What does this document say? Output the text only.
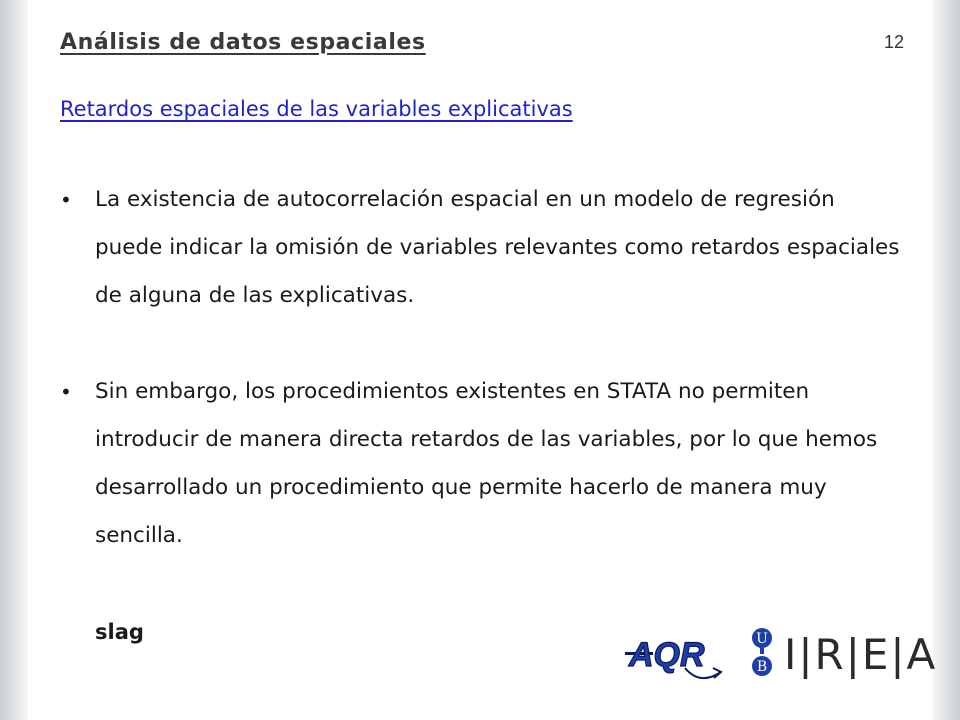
Análisis de datos espaciales	12
Retardos espaciales de las variables explicativas
• La existencia de autocorrelación espacial en un modelo de regresión puede indicar la omisión de variables relevantes como retardos espaciales de alguna de las explicativas.
• Sin embargo, los procedimientos existentes en STATA no permiten introducir de manera directa retardos de las variables, por lo que hemos desarrollado un procedimiento que permite hacerlo de manera muy sencilla.
slag
AQR	U
B I|R|E|A
